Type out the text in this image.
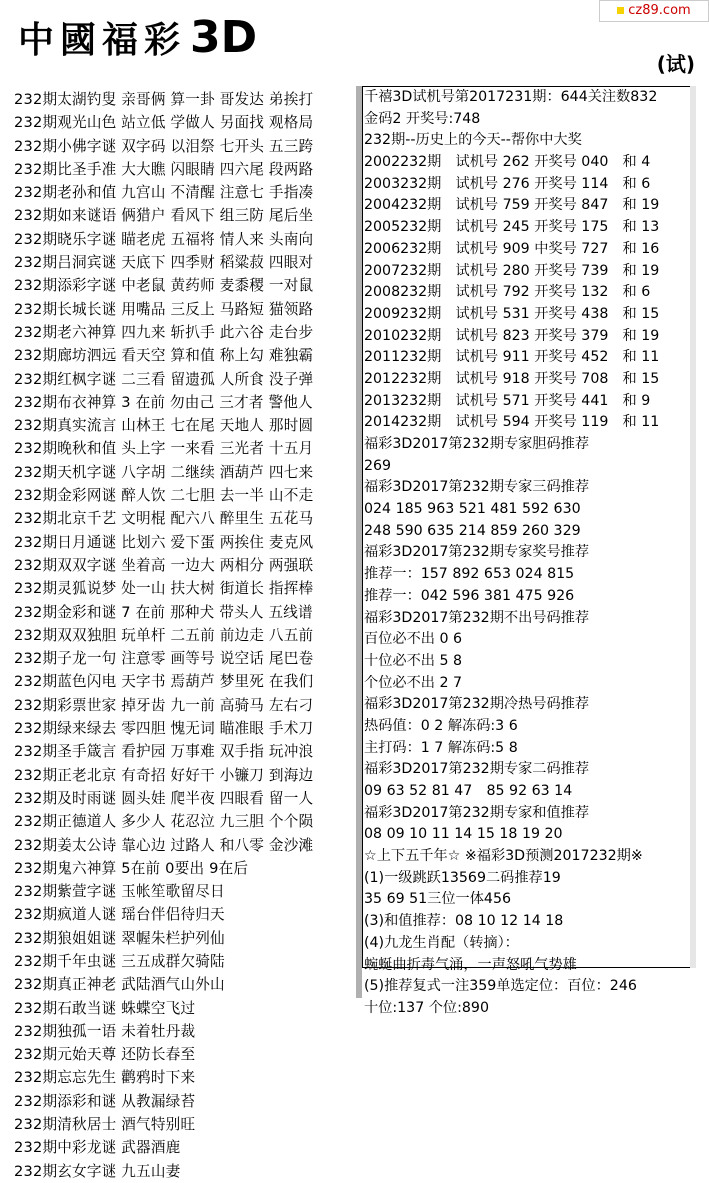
中國福彩3D
(试)
cz89.com
232期太湖钓叟 亲哥俩 算一卦 哥发达 弟挨打
232期观光山色 站立低 学做人 另面找 观格局
232期小佛字谜 双字码 以泪祭 七开头 五三跨
232期比圣手准 大大瞧 闪眼睛 四六尾 段两路
232期老孙和值 九宫山 不清醒 注意七 手指凑
232期如来谜语 俩猎户 看风下 组三防 尾后坐
232期晓乐字谜 瞄老虎 五福将 情人来 头南向
232期吕洞宾谜 天底下 四季财 稻粱菽 四眼对
232期添彩字谜 中老鼠 黄药师 麦黍稷 一对鼠
232期长城长谜 用嘴品 三反上 马路短 猫领路
232期老六神算 四九来 斩扒手 此六谷 走台步
232期廊坊泗远 看天空 算和值 称上勾 难独霸
232期红枫字谜 二三看 留遗孤 人所食 没子弹
232期布衣神算 3 在前 勿由己 三才者 警他人
232期真实流言 山林王 七在尾 天地人 那时圆
232期晚秋和值 头上字 一来看 三光者 十五月
232期天机字谜 八字胡 二继续 酒葫芦 四七来
232期金彩网谜 醉人饮 二七胆 去一半 山不走
232期北京千艺 文明棍 配六八 醉里生 五花马
232期日月通谜 比划六 爱下蛋 两挨住 麦克风
232期双双字谜 坐着高 一边大 两相分 两强联
232期灵狐说梦 处一山 扶大树 街道长 指挥棒
232期金彩和谜 7 在前 那种犬 带头人 五线谱
232期双双独胆 玩单杆 二五前 前边走 八五前
232期子龙一句 注意零 画等号 说空话 尾巴卷
232期蓝色闪电 天字书 焉葫芦 梦里死 在我们
232期彩票世家 掉牙齿 九一前 高骑马 左右刁
232期绿来绿去 零四胆 愧无词 瞄准眼 手术刀
232期圣手箴言 看护园 万事难 双手指 玩冲浪
232期正老北京 有奇招 好好干 小镰刀 到海边
232期及时雨谜 圆头娃 爬半夜 四眼看 留一人
232期正德道人 多少人 花忍泣 九三胆 个个陨
232期姜太公诗 靠心边 过路人 和八零 金沙滩
232期鬼六神算 5在前 0要出 9在后
232期紫萱字谜 玉帐笙歌留尽日
232期疯道人谜 瑶台伴侣待归天
232期狼姐姐谜 翠幄朱栏护列仙
232期千年虫谜 三五成群欠骑陆
232期真正神老 武陆酒气山外山
232期石敢当谜 蛛蝶空飞过
232期独孤一语 未着牡丹裁
232期元始天尊 还防长春至
232期忘忘先生 鹳鸦时下来
232期添彩和谜 从教漏绿苔
232期清秋居士 酒气特别旺
232期中彩龙谜 武器酒鹿
232期玄女字谜 九五山妻
千禧3D试机号第2017231期：644关注数832
金码2 开奖号:748
232期--历史上的今天--帮你中大奖
2002232期　试机号 262 开奖号 040　和 4
2003232期　试机号 276 开奖号 114　和 6
2004232期　试机号 759 开奖号 847　和 19
2005232期　试机号 245 开奖号 175　和 13
2006232期　试机号 909 中奖号 727　和 16
2007232期　试机号 280 开奖号 739　和 19
2008232期　试机号 792 开奖号 132　和 6
2009232期　试机号 531 开奖号 438　和 15
2010232期　试机号 823 开奖号 379　和 19
2011232期　试机号 911 开奖号 452　和 11
2012232期　试机号 918 开奖号 708　和 15
2013232期　试机号 571 开奖号 441　和 9
2014232期　试机号 594 开奖号 119　和 11
福彩3D2017第232期专家胆码推荐
269
福彩3D2017第232期专家三码推荐
024 185 963 521 481 592 630
248 590 635 214 859 260 329
福彩3D2017第232期专家奖号推荐
推荐一：157 892 653 024 815
推荐一：042 596 381 475 926
福彩3D2017第232期不出号码推荐
百位必不出 0 6
十位必不出 5 8
个位必不出 2 7
福彩3D2017第232期冷热号码推荐
热码值：0 2 解冻码:3 6
主打码：1 7 解冻码:5 8
福彩3D2017第232期专家二码推荐
09 63 52 81 47　85 92 63 14
福彩3D2017第232期专家和值推荐
08 09 10 11 14 15 18 19 20
☆上下五千年☆ ※福彩3D预测2017232期※
(1)一级跳跃13569二码推荐19
35 69 51三位一体456
(3)和值推荐：08 10 12 14 18
(4)九龙生肖配（转摘）：
蜿蜒曲折毒气涌，一声怒吼气势雄
(5)推荐复式一注359单选定位：百位：246
十位:137 个位:890
